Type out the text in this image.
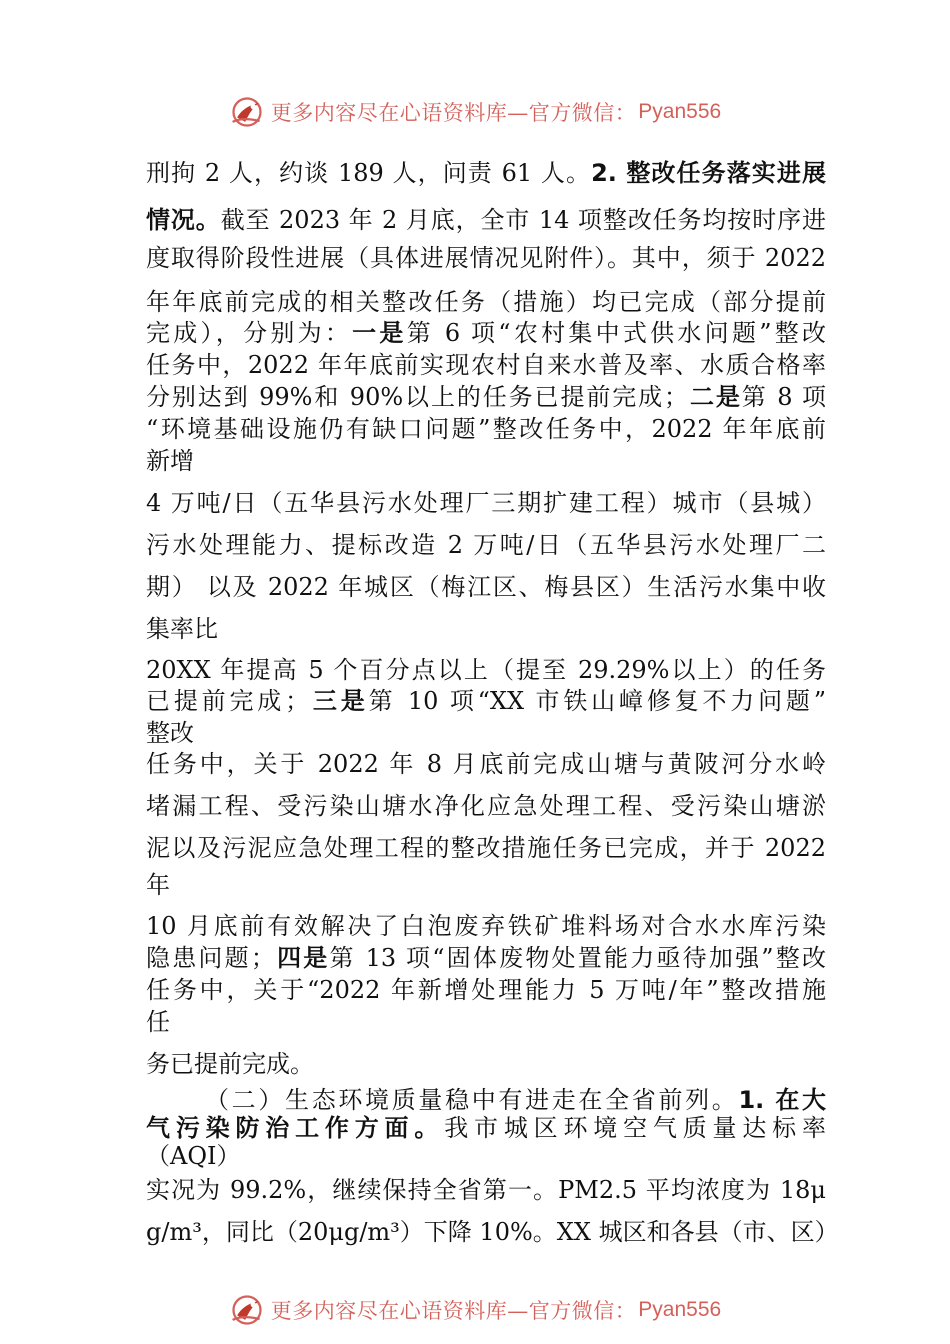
更多内容尽在心语资料库—官方微信： Pyan556
刑拘 2 人，约谈 189 人，问责 61 人。2. 整改任务落实进展
情况。截至 2023 年 2 月底，全市 14 项整改任务均按时序进
度取得阶段性进展（具体进展情况见附件）。其中，须于 2022
年年底前完成的相关整改任务（措施）均已完成（部分提前
完成），分别为：一是第 6 项“农村集中式供水问题”整改
任务中，2022 年年底前实现农村自来水普及率、水质合格率
分别达到 99%和 90%以上的任务已提前完成；二是第 8 项
“环境基础设施仍有缺口问题”整改任务中，2022 年年底前
新增
4 万吨/日（五华县污水处理厂三期扩建工程）城市（县城）
污水处理能力、提标改造 2 万吨/日（五华县污水处理厂二
期） 以及 2022 年城区（梅江区、梅县区）生活污水集中收
集率比
20XX 年提高 5 个百分点以上（提至 29.29%以上）的任务
已提前完成；三是第 10 项“XX 市铁山嶂修复不力问题”
整改
任务中，关于 2022 年 8 月底前完成山塘与黄陂河分水岭
堵漏工程、受污染山塘水净化应急处理工程、受污染山塘淤
泥以及污泥应急处理工程的整改措施任务已完成，并于 2022
年
10 月底前有效解决了白泡废弃铁矿堆料场对合水水库污染
隐患问题；四是第 13 项“固体废物处置能力亟待加强”整改
任务中，关于“2022 年新增处理能力 5 万吨/年”整改措施
任
务已提前完成。
（二）生态环境质量稳中有进走在全省前列。1. 在大
气污染防治工作方面。我市城区环境空气质量达标率
（AQI）
实况为 99.2%，继续保持全省第一。PM2.5 平均浓度为 18μ
g/m³，同比（20μg/m³）下降 10%。XX 城区和各县（市、区）
更多内容尽在心语资料库—官方微信： Pyan556
